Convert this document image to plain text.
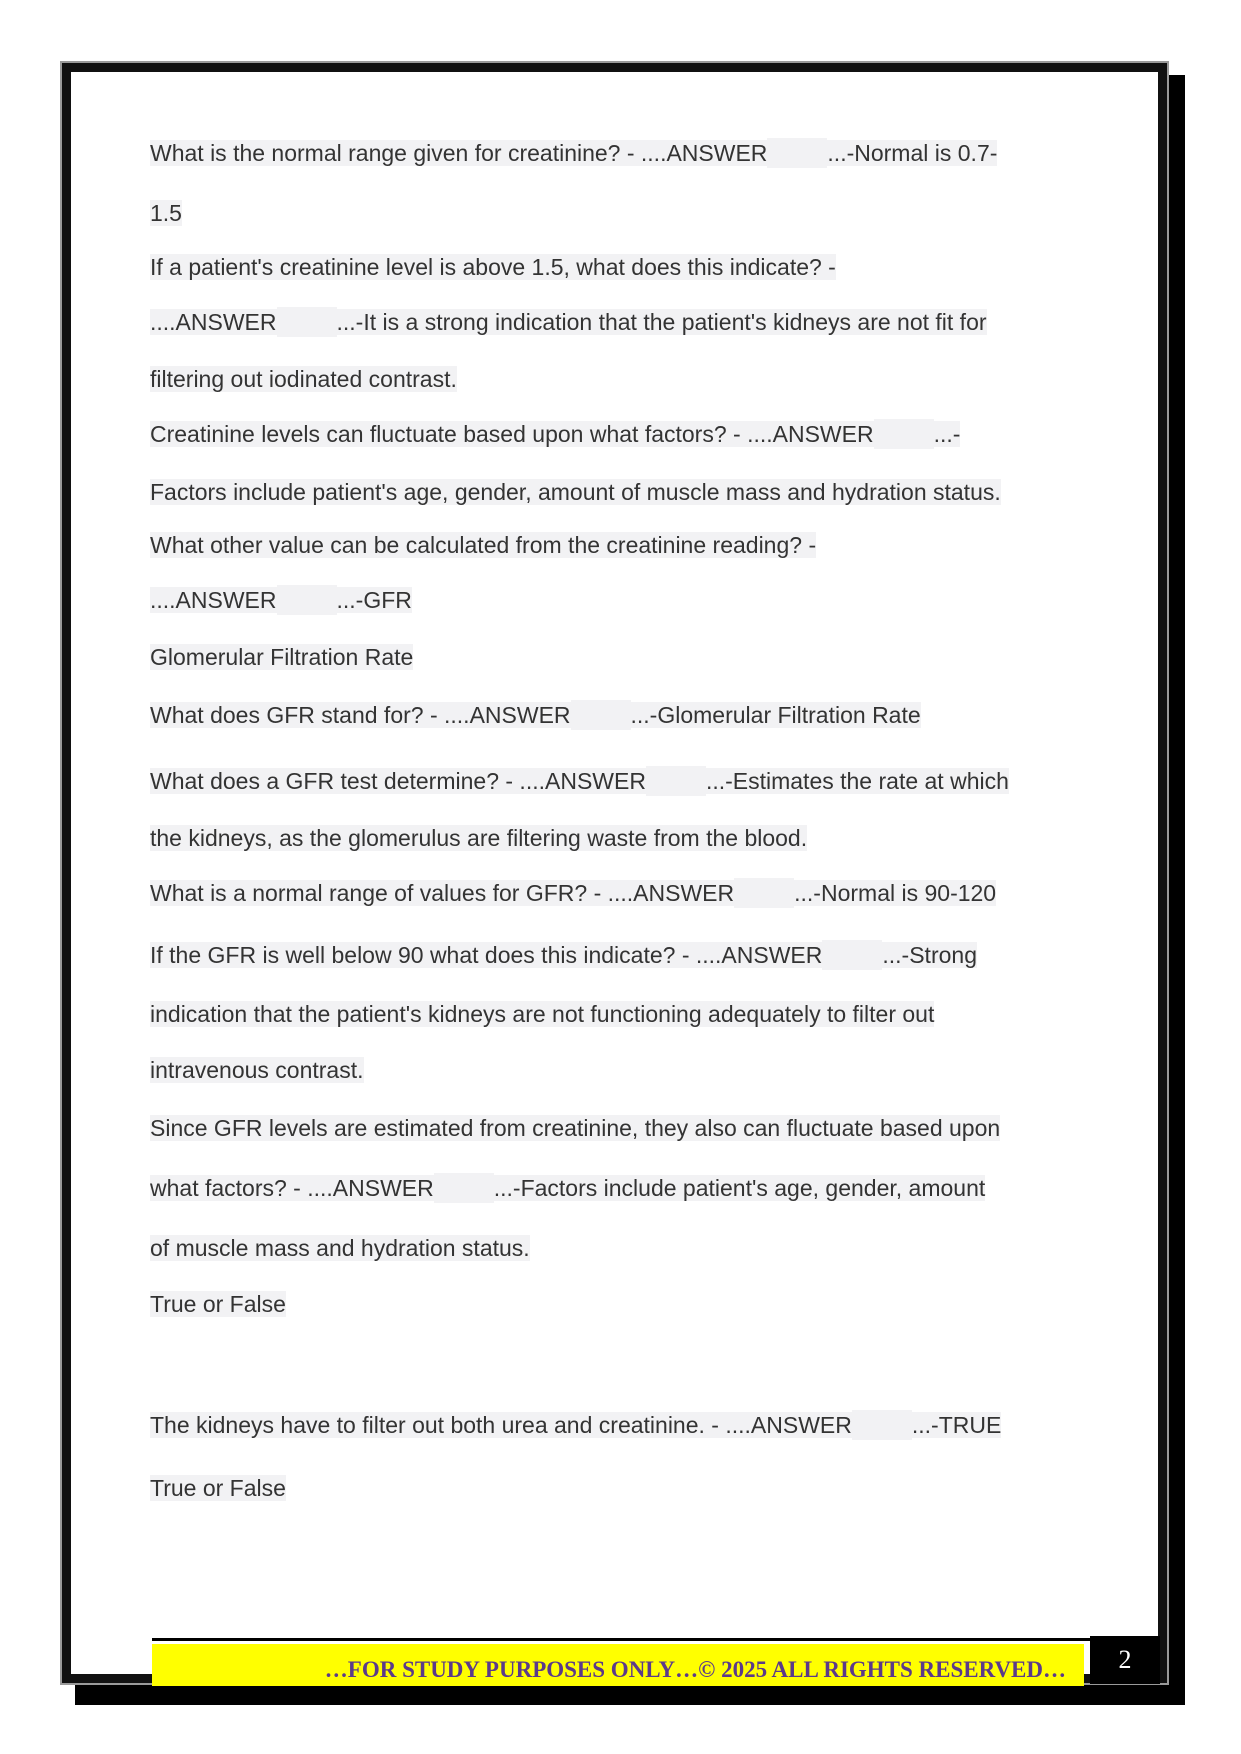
What is the normal range given for creatinine? - ....ANSWER	...-Normal is 0.7-
1.5
If a patient's creatinine level is above 1.5, what does this indicate? -
....ANSWER	...-It is a strong indication that the patient's kidneys are not fit for
filtering out iodinated contrast.
Creatinine levels can fluctuate based upon what factors? - ....ANSWER	...-
Factors include patient's age, gender, amount of muscle mass and hydration status.
What other value can be calculated from the creatinine reading? -
....ANSWER	...-GFR
Glomerular Filtration Rate
What does GFR stand for? - ....ANSWER	...-Glomerular Filtration Rate
What does a GFR test determine? - ....ANSWER	...-Estimates the rate at which
the kidneys, as the glomerulus are filtering waste from the blood.
What is a normal range of values for GFR? - ....ANSWER	...-Normal is 90-120
If the GFR is well below 90 what does this indicate? - ....ANSWER	...-Strong
indication that the patient's kidneys are not functioning adequately to filter out
intravenous contrast.
Since GFR levels are estimated from creatinine, they also can fluctuate based upon
what factors? - ....ANSWER	...-Factors include patient's age, gender, amount
of muscle mass and hydration status.
True or False
The kidneys have to filter out both urea and creatinine. - ....ANSWER	...-TRUE
True or False
…FOR STUDY PURPOSES ONLY…© 2025 ALL RIGHTS RESERVED…	2
